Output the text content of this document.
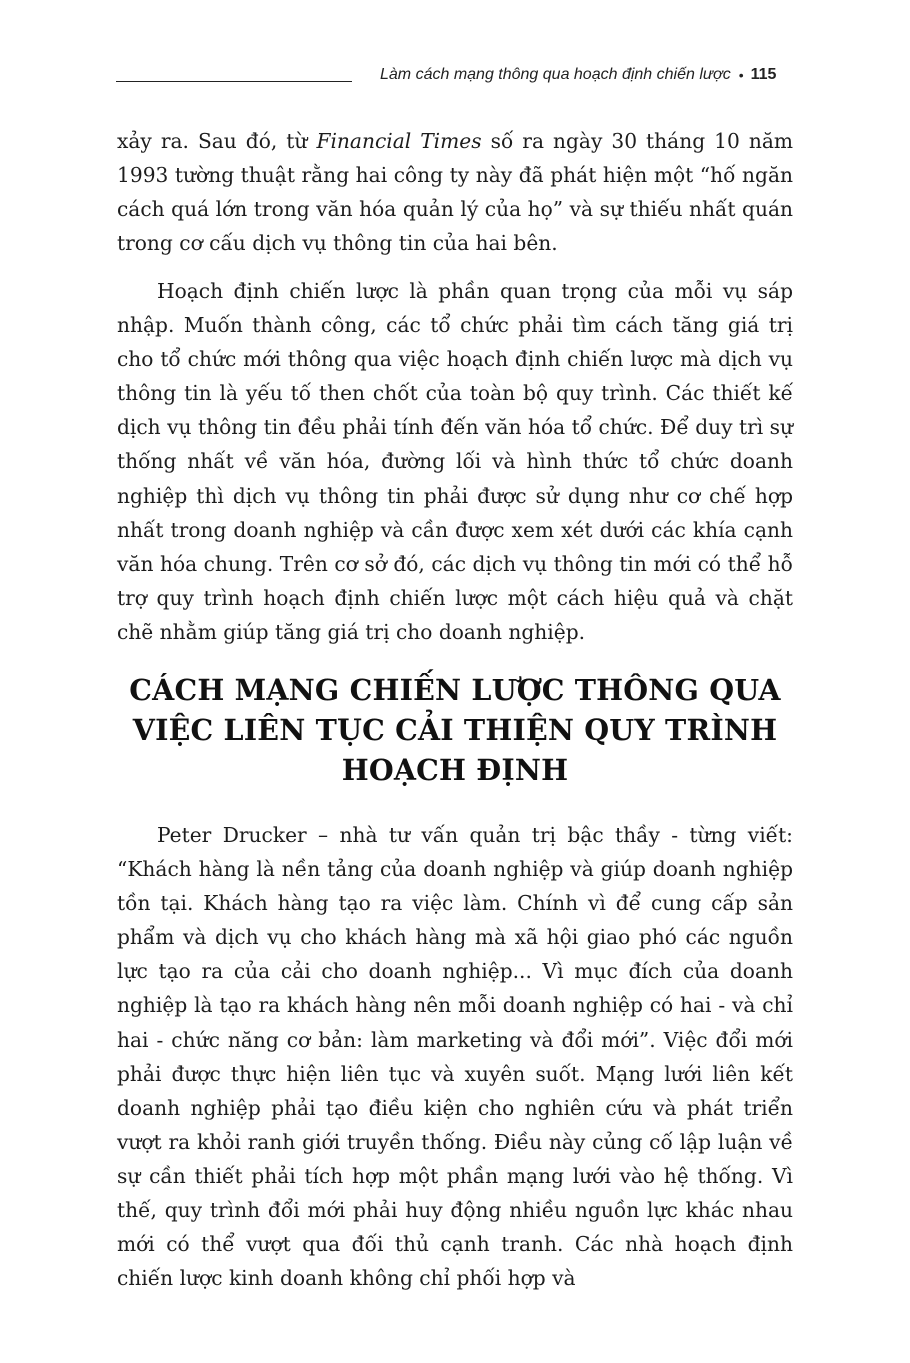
Làm cách mạng thông qua hoạch định chiến lược • 115

xảy ra. Sau đó, từ Financial Times số ra ngày 30 tháng 10 năm 1993 tường thuật rằng hai công ty này đã phát hiện một “hố ngăn cách quá lớn trong văn hóa quản lý của họ” và sự thiếu nhất quán trong cơ cấu dịch vụ thông tin của hai bên.

Hoạch định chiến lược là phần quan trọng của mỗi vụ sáp nhập. Muốn thành công, các tổ chức phải tìm cách tăng giá trị cho tổ chức mới thông qua việc hoạch định chiến lược mà dịch vụ thông tin là yếu tố then chốt của toàn bộ quy trình. Các thiết kế dịch vụ thông tin đều phải tính đến văn hóa tổ chức. Để duy trì sự thống nhất về văn hóa, đường lối và hình thức tổ chức doanh nghiệp thì dịch vụ thông tin phải được sử dụng như cơ chế hợp nhất trong doanh nghiệp và cần được xem xét dưới các khía cạnh văn hóa chung. Trên cơ sở đó, các dịch vụ thông tin mới có thể hỗ trợ quy trình hoạch định chiến lược một cách hiệu quả và chặt chẽ nhằm giúp tăng giá trị cho doanh nghiệp.

CÁCH MẠNG CHIẾN LƯỢC THÔNG QUA
VIỆC LIÊN TỤC CẢI THIỆN QUY TRÌNH
HOẠCH ĐỊNH

Peter Drucker – nhà tư vấn quản trị bậc thầy - từng viết: “Khách hàng là nền tảng của doanh nghiệp và giúp doanh nghiệp tồn tại. Khách hàng tạo ra việc làm. Chính vì để cung cấp sản phẩm và dịch vụ cho khách hàng mà xã hội giao phó các nguồn lực tạo ra của cải cho doanh nghiệp... Vì mục đích của doanh nghiệp là tạo ra khách hàng nên mỗi doanh nghiệp có hai - và chỉ hai - chức năng cơ bản: làm marketing và đổi mới”. Việc đổi mới phải được thực hiện liên tục và xuyên suốt. Mạng lưới liên kết doanh nghiệp phải tạo điều kiện cho nghiên cứu và phát triển vượt ra khỏi ranh giới truyền thống. Điều này củng cố lập luận về sự cần thiết phải tích hợp một phần mạng lưới vào hệ thống. Vì thế, quy trình đổi mới phải huy động nhiều nguồn lực khác nhau mới có thể vượt qua đối thủ cạnh tranh. Các nhà hoạch định chiến lược kinh doanh không chỉ phối hợp và
